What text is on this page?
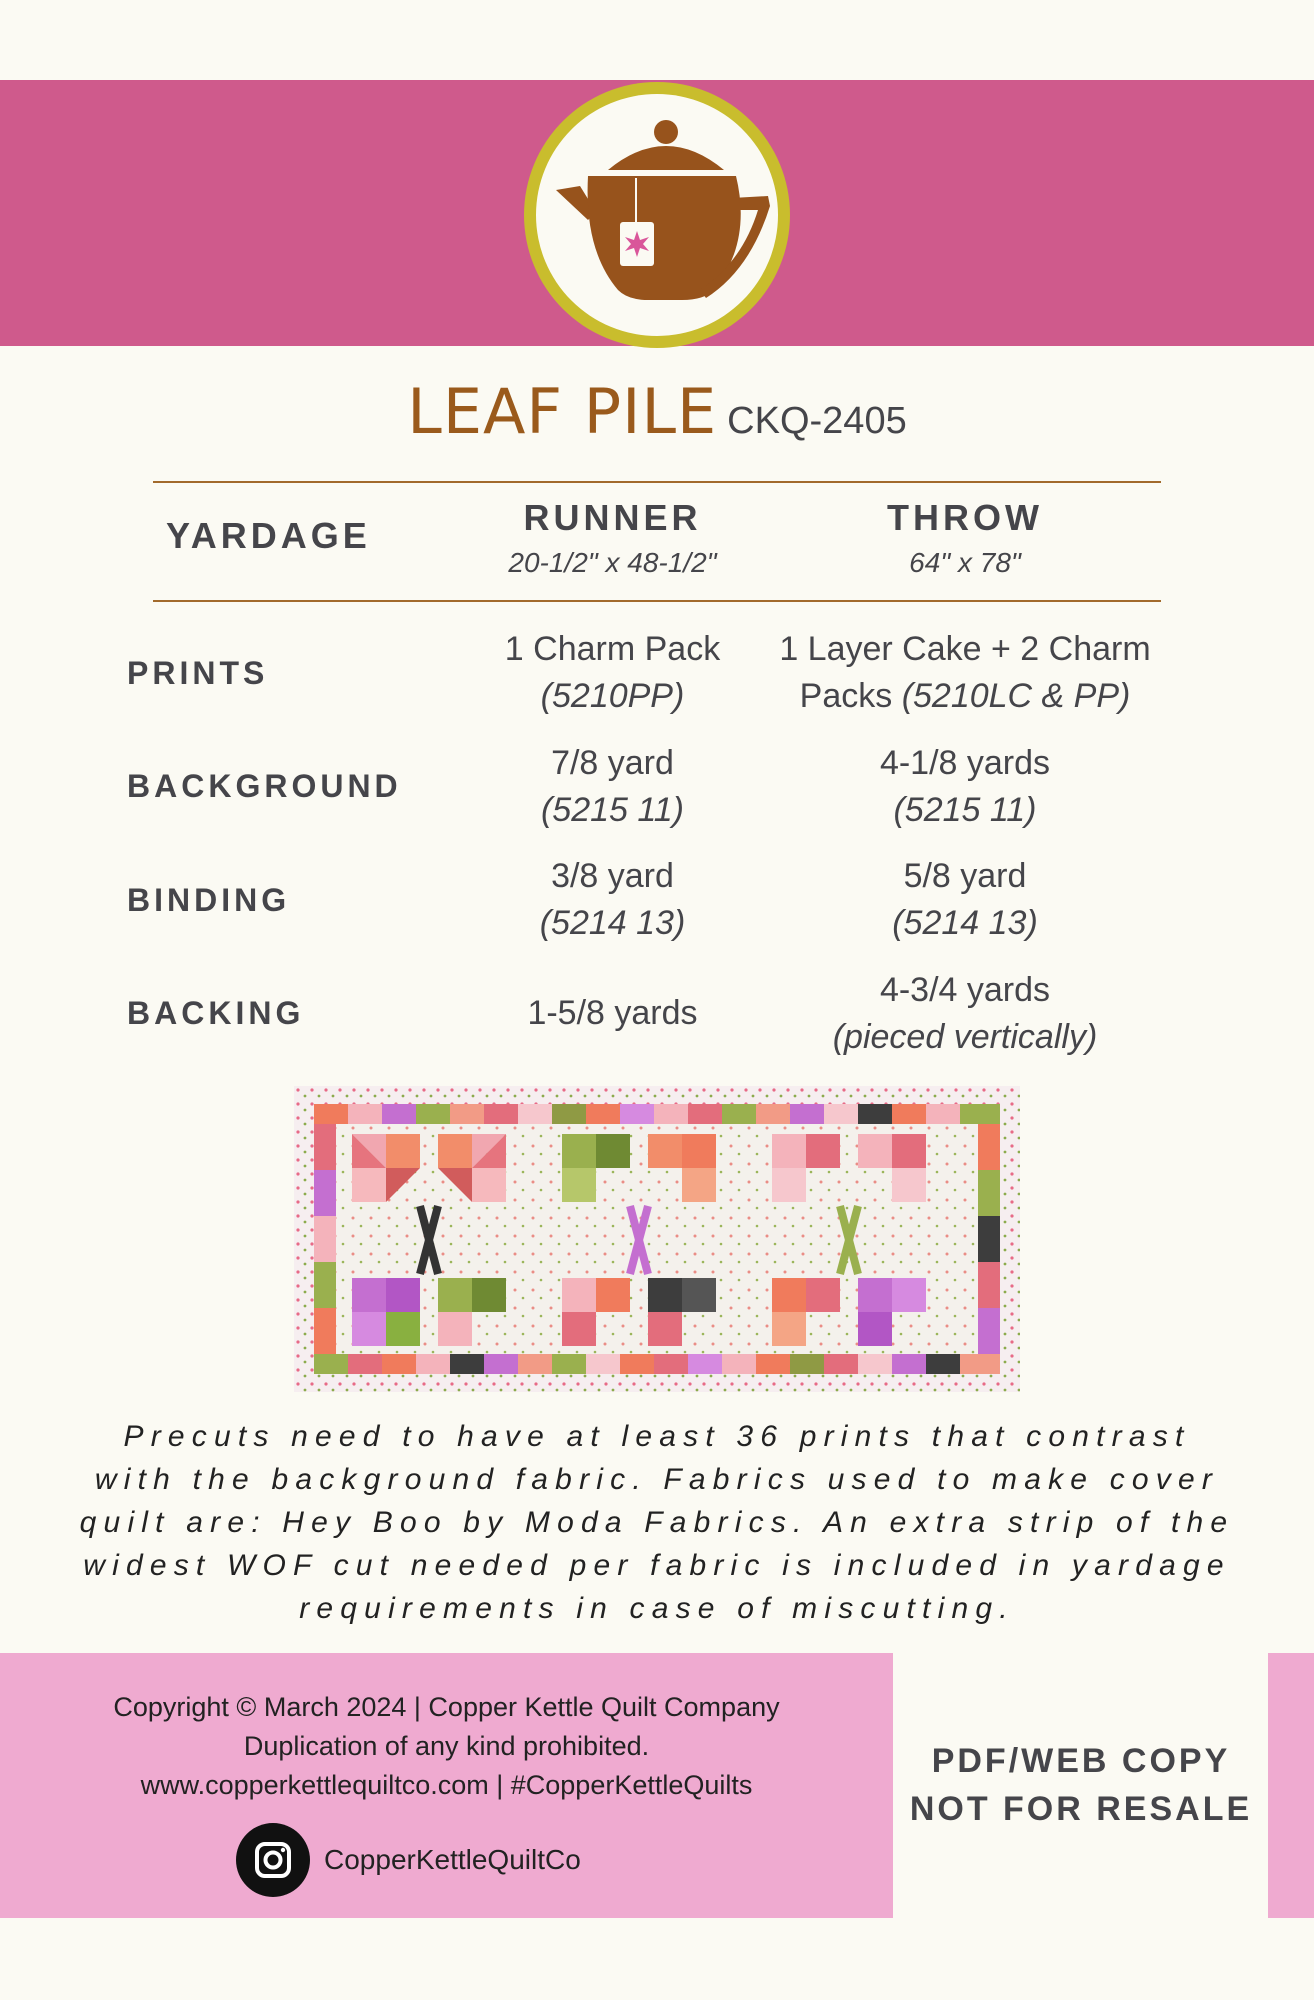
LEAF PILE CKQ-2405
YARDAGE	RUNNER
20-1/2" x 48-1/2"
THROW
64" x 78"
PRINTS
1 Charm Pack
(5210PP)
1 Layer Cake + 2 Charm
Packs (5210LC & PP)
BACKGROUND
7/8 yard
(5215 11)
4-1/8 yards
(5215 11)
BINDING
3/8 yard
(5214 13)
5/8 yard
(5214 13)
BACKING	1-5/8 yards
4-3/4 yards
(pieced vertically)
Precuts need to have at least 36 prints that contrast
with the background fabric. Fabrics used to make cover
quilt are: Hey Boo by Moda Fabrics. An extra strip of the
widest WOF cut needed per fabric is included in yardage
requirements in case of miscutting.
Copyright © March 2024 | Copper Kettle Quilt Company
Duplication of any kind prohibited.
www.copperkettlequiltco.com | #CopperKettleQuilts
CopperKettleQuiltCo
PDF/WEB COPY
NOT FOR RESALE
